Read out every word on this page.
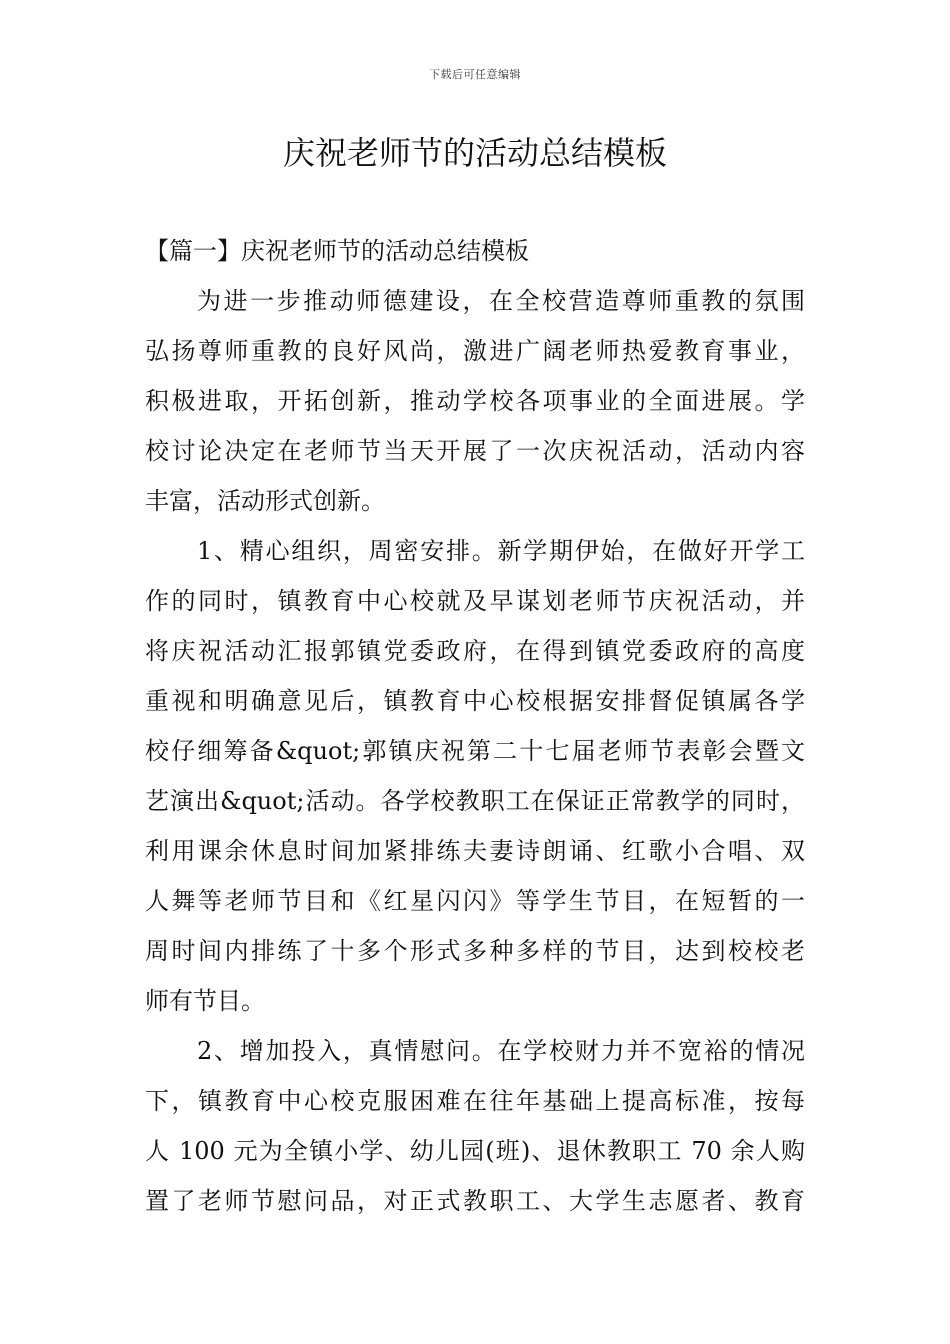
下载后可任意编辑
庆祝老师节的活动总结模板
【篇一】庆祝老师节的活动总结模板
为进一步推动师德建设，在全校营造尊师重教的氛围
弘扬尊师重教的良好风尚，激进广阔老师热爱教育事业，
积极进取，开拓创新，推动学校各项事业的全面进展。学
校讨论决定在老师节当天开展了一次庆祝活动，活动内容
丰富，活动形式创新。
1、精心组织，周密安排。新学期伊始，在做好开学工
作的同时，镇教育中心校就及早谋划老师节庆祝活动，并
将庆祝活动汇报郭镇党委政府，在得到镇党委政府的高度
重视和明确意见后，镇教育中心校根据安排督促镇属各学
校仔细筹备&quot;郭镇庆祝第二十七届老师节表彰会暨文
艺演出&quot;活动。各学校教职工在保证正常教学的同时，
利用课余休息时间加紧排练夫妻诗朗诵、红歌小合唱、双
人舞等老师节目和《红星闪闪》等学生节目，在短暂的一
周时间内排练了十多个形式多种多样的节目，达到校校老
师有节目。
2、增加投入，真情慰问。在学校财力并不宽裕的情况
下，镇教育中心校克服困难在往年基础上提高标准，按每
人 100 元为全镇小学、幼儿园(班)、退休教职工 70 余人购
置了老师节慰问品，对正式教职工、大学生志愿者、教育
